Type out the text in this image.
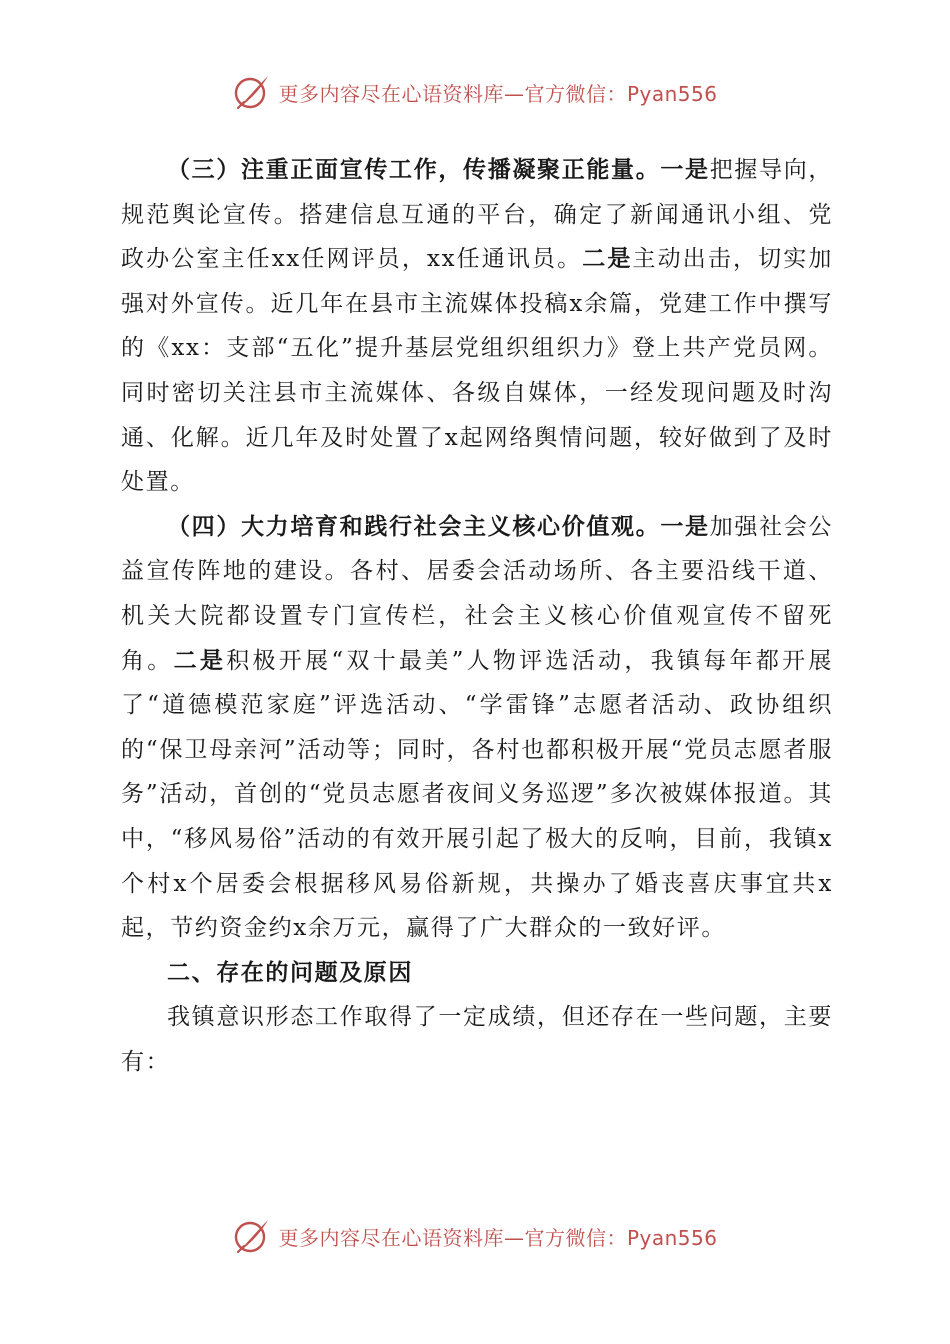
更多内容尽在心语资料库—官方微信：Pyan556

（三）注重正面宣传工作，传播凝聚正能量。一是把握导向，规范舆论宣传。搭建信息互通的平台，确定了新闻通讯小组、党政办公室主任xx任网评员，xx任通讯员。二是主动出击，切实加强对外宣传。近几年在县市主流媒体投稿x余篇，党建工作中撰写的《xx：支部“五化”提升基层党组织组织力》登上共产党员网。同时密切关注县市主流媒体、各级自媒体，一经发现问题及时沟通、化解。近几年及时处置了x起网络舆情问题，较好做到了及时处置。

（四）大力培育和践行社会主义核心价值观。一是加强社会公益宣传阵地的建设。各村、居委会活动场所、各主要沿线干道、机关大院都设置专门宣传栏，社会主义核心价值观宣传不留死角。二是积极开展“双十最美”人物评选活动，我镇每年都开展了“道德模范家庭”评选活动、“学雷锋”志愿者活动、政协组织的“保卫母亲河”活动等；同时，各村也都积极开展“党员志愿者服务”活动，首创的“党员志愿者夜间义务巡逻”多次被媒体报道。其中，“移风易俗”活动的有效开展引起了极大的反响，目前，我镇x个村x个居委会根据移风易俗新规，共操办了婚丧喜庆事宜共x起，节约资金约x余万元，赢得了广大群众的一致好评。

二、存在的问题及原因

我镇意识形态工作取得了一定成绩，但还存在一些问题，主要有：

更多内容尽在心语资料库—官方微信：Pyan556
